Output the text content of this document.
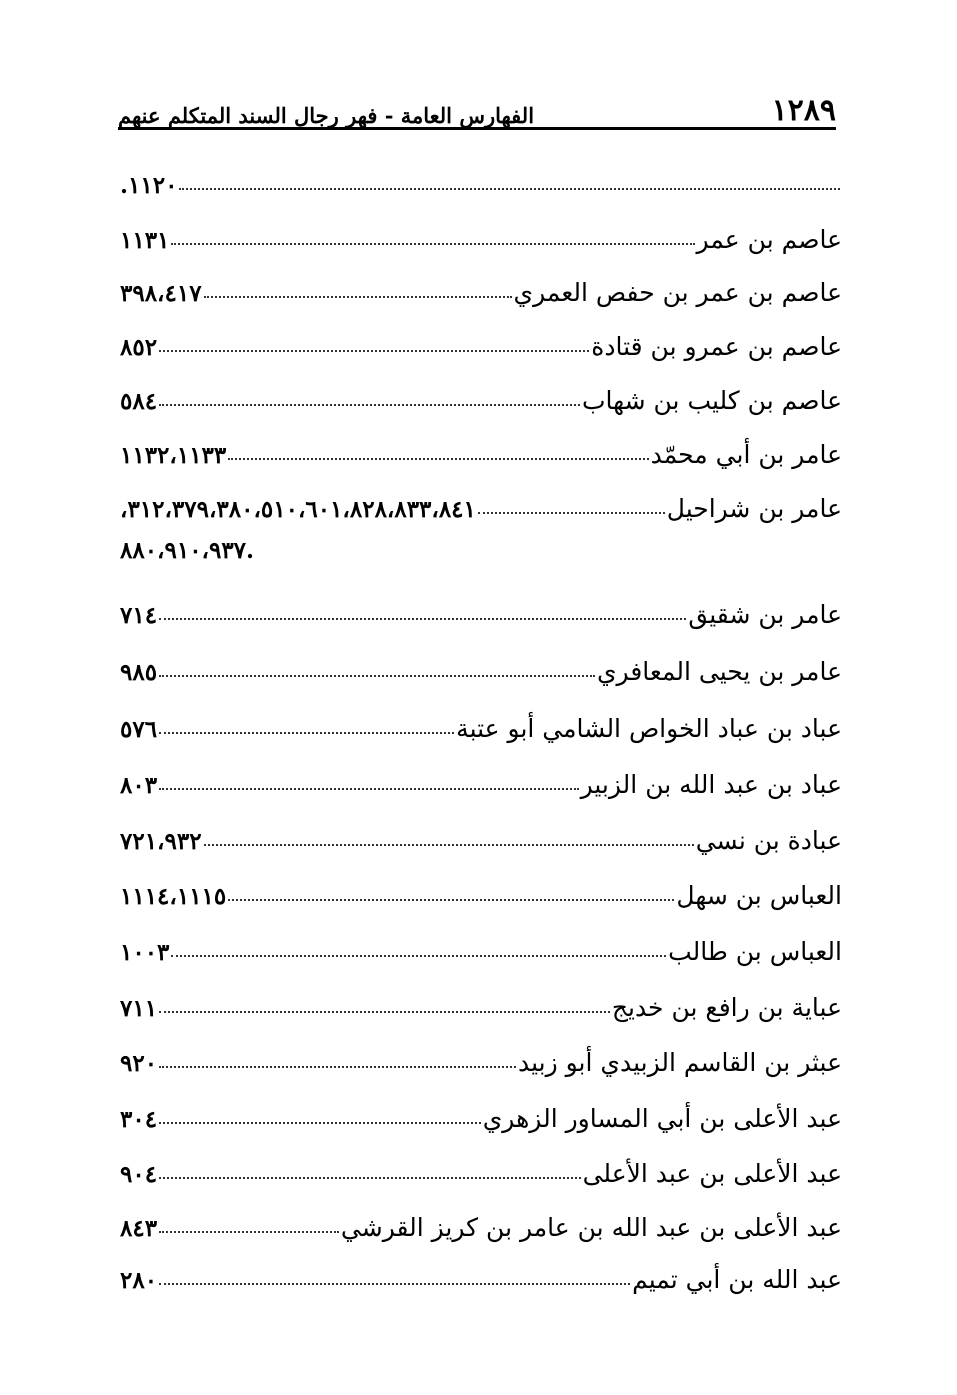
١٢٨٩
الفهارس العامة - فهر رجال السند المتكلم عنهم
١١٢٠.
عاصم بن عمر
١١٣١
عاصم بن عمر بن حفص العمري
٣٩٨،٤١٧
عاصم بن عمرو بن قتادة
٨٥٢
عاصم بن كليب بن شهاب
٥٨٤
عامر بن أبي محمّد
١١٣٢،١١٣٣
عامر بن شراحيل
٣١٢،٣٧٩،٣٨٠،٥١٠،٦٠١،٨٢٨،٨٣٣،٨٤١،
٨٨٠،٩١٠،٩٣٧.
عامر بن شقيق
٧١٤
عامر بن يحيى المعافري
٩٨٥
عباد بن عباد الخواص الشامي أبو عتبة
٥٧٦
عباد بن عبد الله بن الزبير
٨٠٣
عبادة بن نسي
٧٢١،٩٣٢
العباس بن سهل
١١١٤،١١١٥
العباس بن طالب
١٠٠٣
عباية بن رافع بن خديج
٧١١
عبثر بن القاسم الزبيدي أبو زبيد
٩٢٠
عبد الأعلى بن أبي المساور الزهري
٣٠٤
عبد الأعلى بن عبد الأعلى
٩٠٤
عبد الأعلى بن عبد الله بن عامر بن كريز القرشي
٨٤٣
عبد الله بن أبي تميم
٢٨٠
